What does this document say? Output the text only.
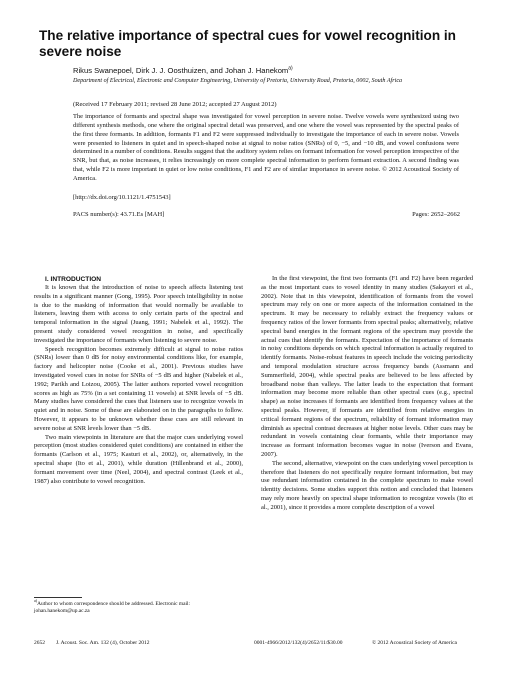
The relative importance of spectral cues for vowel recognition in severe noise
Rikus Swanepoel, Dirk J. J. Oosthuizen, and Johan J. Hanekom$^{a)}$
Department of Electrical, Electronic and Computer Engineering, University of Pretoria, University Road, Pretoria, 0002, South Africa
(Received 17 February 2011; revised 28 June 2012; accepted 27 August 2012)
The importance of formants and spectral shape was investigated for vowel perception in severe noise. Twelve vowels were synthesized using two different synthesis methods, one where the original spectral detail was preserved, and one where the vowel was represented by the spectral peaks of the first three formants. In addition, formants F1 and F2 were suppressed individually to investigate the importance of each in severe noise. Vowels were presented to listeners in quiet and in speech-shaped noise at signal to noise ratios (SNRs) of 0, −5, and −10 dB, and vowel confusions were determined in a number of conditions. Results suggest that the auditory system relies on formant information for vowel perception irrespective of the SNR, but that, as noise increases, it relies increasingly on more complete spectral information to perform formant extraction. A second finding was that, while F2 is more important in quiet or low noise conditions, F1 and F2 are of similar importance in severe noise. © 2012 Acoustical Society of America.
[http://dx.doi.org/10.1121/1.4751543]
PACS number(s): 43.71.Es [MAH]	Pages: 2652–2662

I. INTRODUCTION

It is known that the introduction of noise to speech affects listening test results in a significant manner (Gong, 1995). Poor speech intelligibility in noise is due to the masking of information that would normally be available to listeners, leaving them with access to only certain parts of the spectral and temporal information in the signal (Juang, 1991; Nabelek et al., 1992). The present study considered vowel recognition in noise, and specifically investigated the importance of formants when listening to severe noise.

Speech recognition becomes extremely difficult at signal to noise ratios (SNRs) lower than 0 dB for noisy environmental conditions like, for example, factory and helicopter noise (Cooke et al., 2001). Previous studies have investigated vowel cues in noise for SNRs of −5 dB and higher (Nabelek et al., 1992; Parikh and Loizou, 2005). The latter authors reported vowel recognition scores as high as 75% (in a set containing 11 vowels) at SNR levels of −5 dB. Many studies have considered the cues that listeners use to recognize vowels in quiet and in noise. Some of these are elaborated on in the paragraphs to follow. However, it appears to be unknown whether these cues are still relevant in severe noise at SNR levels lower than −5 dB.

Two main viewpoints in literature are that the major cues underlying vowel perception (most studies considered quiet conditions) are contained in either the formants (Carlson et al., 1975; Kasturi et al., 2002), or, alternatively, in the spectral shape (Ito et al., 2001), while duration (Hillenbrand et al., 2000), formant movement over time (Neel, 2004), and spectral contrast (Leek et al., 1987) also contribute to vowel recognition.

In the first viewpoint, the first two formants (F1 and F2) have been regarded as the most important cues to vowel identity in many studies (Sakayori et al., 2002). Note that in this viewpoint, identification of formants from the vowel spectrum may rely on one or more aspects of the information contained in the spectrum. It may be necessary to reliably extract the frequency values or frequency ratios of the lower formants from spectral peaks; alternatively, relative spectral band energies in the formant regions of the spectrum may provide the actual cues that identify the formants. Expectation of the importance of formants in noisy conditions depends on which spectral information is actually required to identify formants. Noise-robust features in speech include the voicing periodicity and temporal modulation structure across frequency bands (Assmann and Summerfield, 2004), while spectral peaks are believed to be less affected by broadband noise than valleys. The latter leads to the expectation that formant information may become more reliable than other spectral cues (e.g., spectral shape) as noise increases if formants are identified from frequency values at the spectral peaks. However, if formants are identified from relative energies in critical formant regions of the spectrum, reliability of formant information may diminish as spectral contrast decreases at higher noise levels. Other cues may be redundant in vowels containing clear formants, while their importance may increase as formant information becomes vague in noise (Iverson and Evans, 2007).

The second, alternative, viewpoint on the cues underlying vowel perception is therefore that listeners do not specifically require formant information, but may use redundant information contained in the complete spectrum to make vowel identity decisions. Some studies support this notion and concluded that listeners may rely more heavily on spectral shape information to recognize vowels (Ito et al., 2001), since it provides a more complete description of a vowel

$^{a)}$Author to whom correspondence should be addressed. Electronic mail: johan.hanekom@up.ac.za
2652 J. Acoust. Soc. Am. 132 (4), October 2012	0001-4966/2012/132(4)/2652/11/$30.00	© 2012 Acoustical Society of America
